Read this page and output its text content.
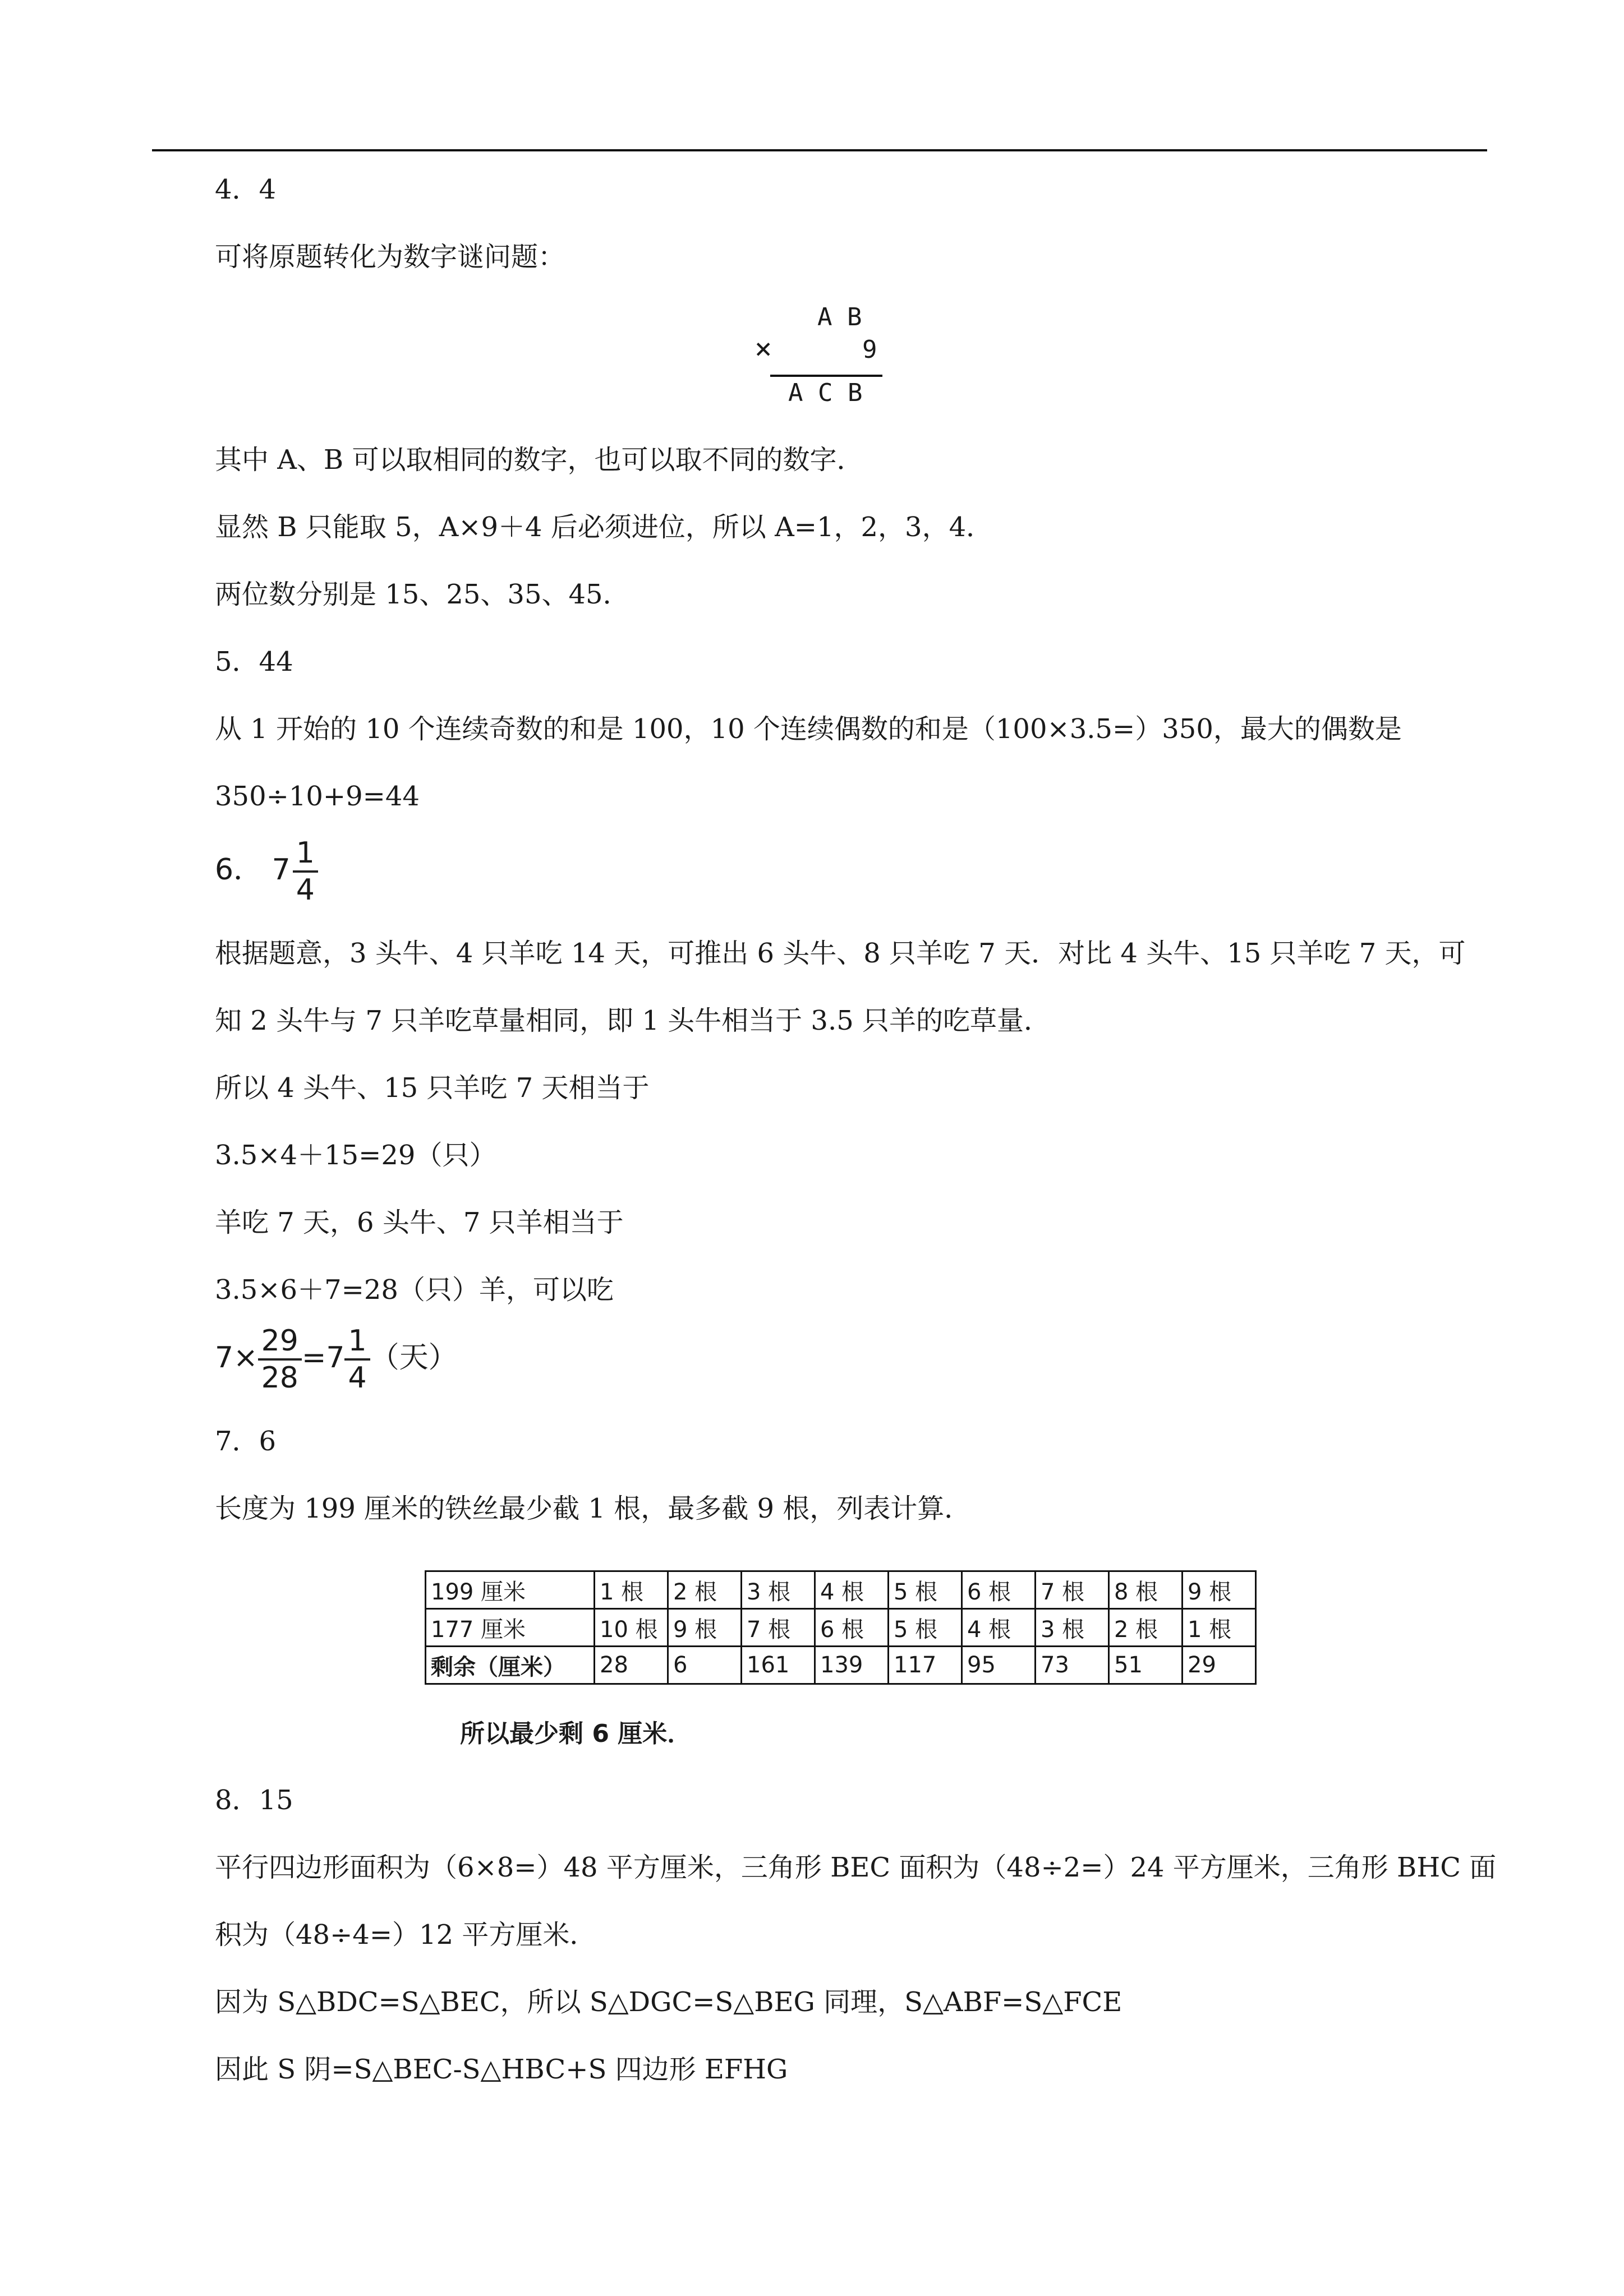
4．4
可将原题转化为数字谜问题：
A B
×	9
A C B
其中 A、B 可以取相同的数字，也可以取不同的数字．
显然 B 只能取 5，A×9＋4 后必须进位，所以 A=1，2，3，4．
两位数分别是 15、25、35、45．
5．44
从 1 开始的 10 个连续奇数的和是 100，10 个连续偶数的和是（100×3.5=）350，最大的偶数是
350÷10+9=44
6． $7 \frac{1}{4}$
根据题意，3 头牛、4 只羊吃 14 天，可推出 6 头牛、8 只羊吃 7 天．对比 4 头牛、15 只羊吃 7 天，可
知 2 头牛与 7 只羊吃草量相同，即 1 头牛相当于 3.5 只羊的吃草量．
所以 4 头牛、15 只羊吃 7 天相当于
3.5×4＋15=29（只）
羊吃 7 天，6 头牛、7 只羊相当于
3.5×6＋7=28（只）羊，可以吃
$7\times \frac{29}{28} =7 \frac{1}{4}$ （天）
7．6
长度为 199 厘米的铁丝最少截 1 根，最多截 9 根，列表计算．
199 厘米	1 根	2 根	3 根	4 根	5 根	6 根	7 根	8 根	9 根
177 厘米	10 根	9 根	7 根	6 根	5 根	4 根	3 根	2 根	1 根
剩余（厘米）	28	6	161	139	117	95	73	51	29
所以最少剩 6 厘米．
8．15
平行四边形面积为（6×8=）48 平方厘米，三角形 BEC 面积为（48÷2=）24 平方厘米，三角形 BHC 面
积为（48÷4=）12 平方厘米．
因为 S△BDC=S△BEC，所以 S△DGC=S△BEG 同理，S△ABF=S△FCE
因此 S 阴=S△BEC-S△HBC+S 四边形 EFHG
